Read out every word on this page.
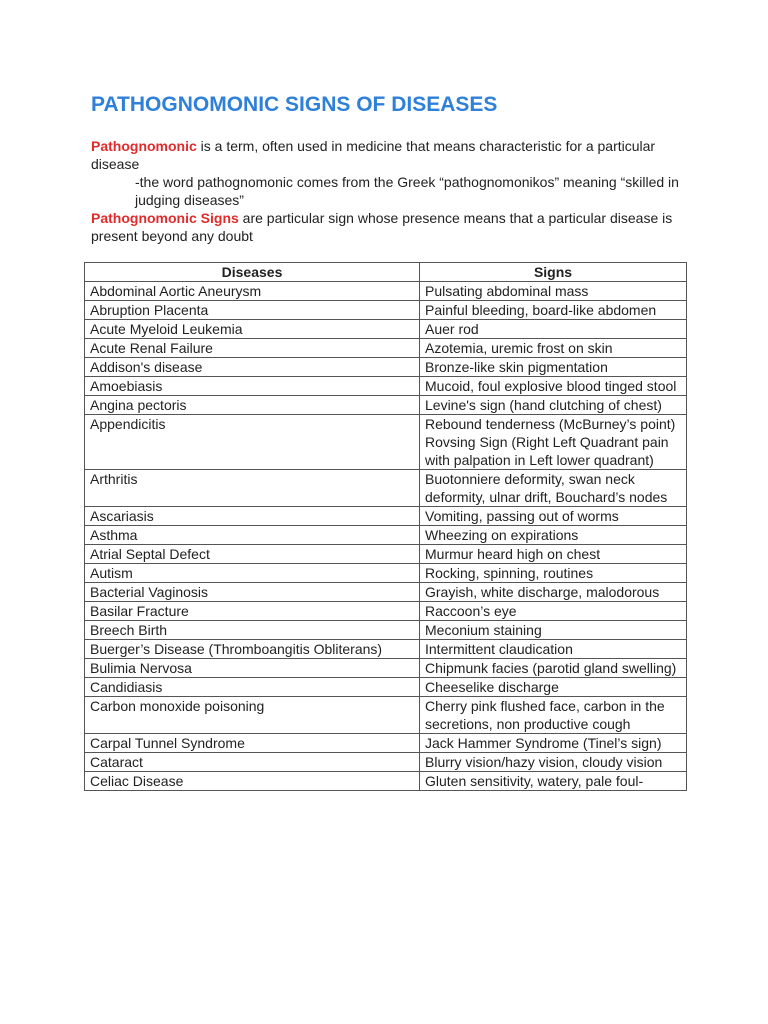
PATHOGNOMONIC SIGNS OF DISEASES

Pathognomonic is a term, often used in medicine that means characteristic for a particular disease

-the word pathognomonic comes from the Greek “pathognomonikos” meaning “skilled in judging diseases”

Pathognomonic Signs are particular sign whose presence means that a particular disease is present beyond any doubt

Diseases	Signs

Abdominal Aortic Aneurysm	Pulsating abdominal mass

Abruption Placenta	Painful bleeding, board-like abdomen

Acute Myeloid Leukemia	Auer rod

Acute Renal Failure	Azotemia, uremic frost on skin

Addison's disease	Bronze-like skin pigmentation

Amoebiasis	Mucoid, foul explosive blood tinged stool

Angina pectoris	Levine's sign (hand clutching of chest)

Appendicitis	Rebound tenderness (McBurney’s point)
Rovsing Sign (Right Left Quadrant pain with palpation in Left lower quadrant)

Arthritis	Buotonniere deformity, swan neck deformity, ulnar drift, Bouchard’s nodes

Ascariasis	Vomiting, passing out of worms

Asthma	Wheezing on expirations

Atrial Septal Defect	Murmur heard high on chest

Autism	Rocking, spinning, routines

Bacterial Vaginosis	Grayish, white discharge, malodorous

Basilar Fracture	Raccoon’s eye

Breech Birth	Meconium staining

Buerger’s Disease (Thromboangitis Obliterans)	Intermittent claudication

Bulimia Nervosa	Chipmunk facies (parotid gland swelling)

Candidiasis	Cheeselike discharge

Carbon monoxide poisoning	Cherry pink flushed face, carbon in the secretions, non productive cough

Carpal Tunnel Syndrome	Jack Hammer Syndrome (Tinel’s sign)

Cataract	Blurry vision/hazy vision, cloudy vision

Celiac Disease	Gluten sensitivity, watery, pale foul-
